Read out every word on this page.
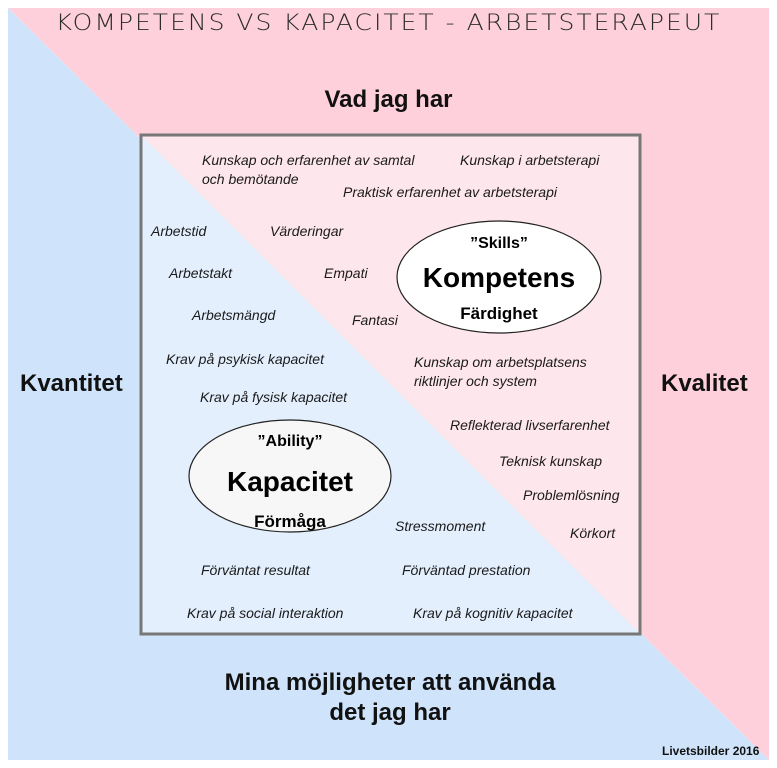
KOMPETENS VS KAPACITET - ARBETSTERAPEUT
Vad jag har
Kvantitet	Kvalitet
Mina möjligheter att använda
det jag har
”Skills”
Kompetens
Färdighet
”Ability”
Kapacitet
Förmåga
Kunskap och erfarenhet av samtal
och bemötande
Kunskap i arbetsterapi
Praktisk erfarenhet av arbetsterapi
Arbetstid	Värderingar
Arbetstakt	Empati
Arbetsmängd	Fantasi
Krav på psykisk kapacitet	Kunskap om arbetsplatsens
riktlinjer och system
Krav på fysisk kapacitet
Reflekterad livserfarenhet
Teknisk kunskap
Problemlösning
Stressmoment	Körkort
Förväntat resultat	Förväntad prestation
Krav på social interaktion	Krav på kognitiv kapacitet
Livetsbilder 2016
